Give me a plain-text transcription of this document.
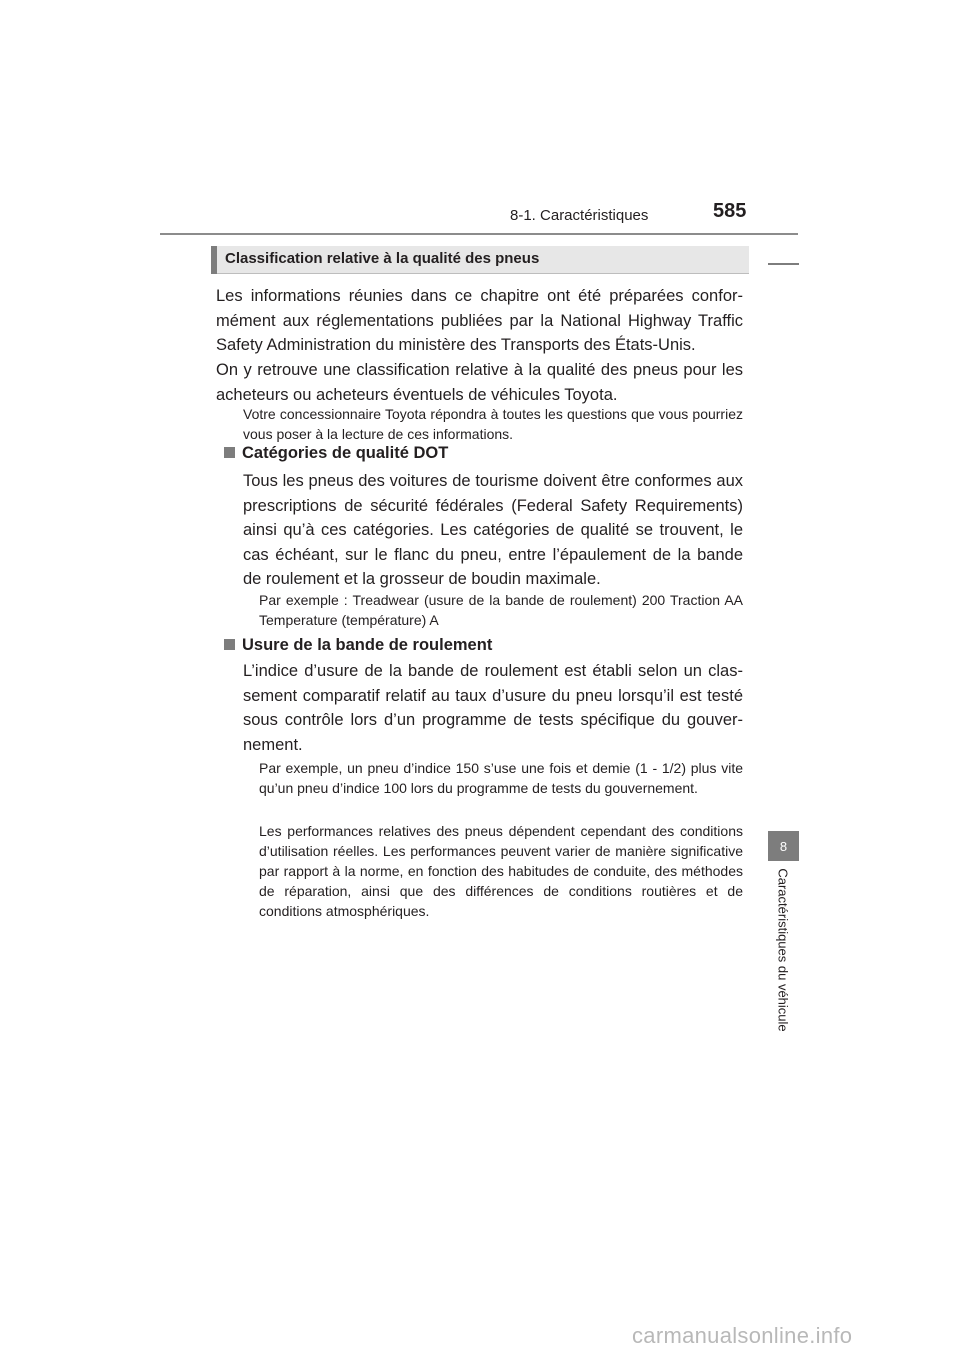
8-1. Caractéristiques	585
8
Caractéristiques du véhicule
Classification relative à la qualité des pneus
Les informations réunies dans ce chapitre ont été préparées conformément aux réglementations publiées par la National Highway Traffic Safety Administration du ministère des Transports des États-Unis.
On y retrouve une classification relative à la qualité des pneus pour les acheteurs ou acheteurs éventuels de véhicules Toyota.
Votre concessionnaire Toyota répondra à toutes les questions que vous pourriez vous poser à la lecture de ces informations.
Catégories de qualité DOT
Tous les pneus des voitures de tourisme doivent être conformes aux prescriptions de sécurité fédérales (Federal Safety Requirements) ainsi qu’à ces catégories. Les catégories de qualité se trouvent, le cas échéant, sur le flanc du pneu, entre l’épaulement de la bande de roulement et la grosseur de boudin maximale.
Par exemple : Treadwear (usure de la bande de roulement) 200 Traction AA Temperature (température) A
Usure de la bande de roulement
L’indice d’usure de la bande de roulement est établi selon un classement comparatif relatif au taux d’usure du pneu lorsqu’il est testé sous contrôle lors d’un programme de tests spécifique du gouvernement.
Par exemple, un pneu d’indice 150 s’use une fois et demie (1 - 1/2) plus vite qu’un pneu d’indice 100 lors du programme de tests du gouvernement.
Les performances relatives des pneus dépendent cependant des conditions d’utilisation réelles. Les performances peuvent varier de manière significative par rapport à la norme, en fonction des habitudes de conduite, des méthodes de réparation, ainsi que des différences de conditions routières et de conditions atmosphériques.
carmanualsonline.info
